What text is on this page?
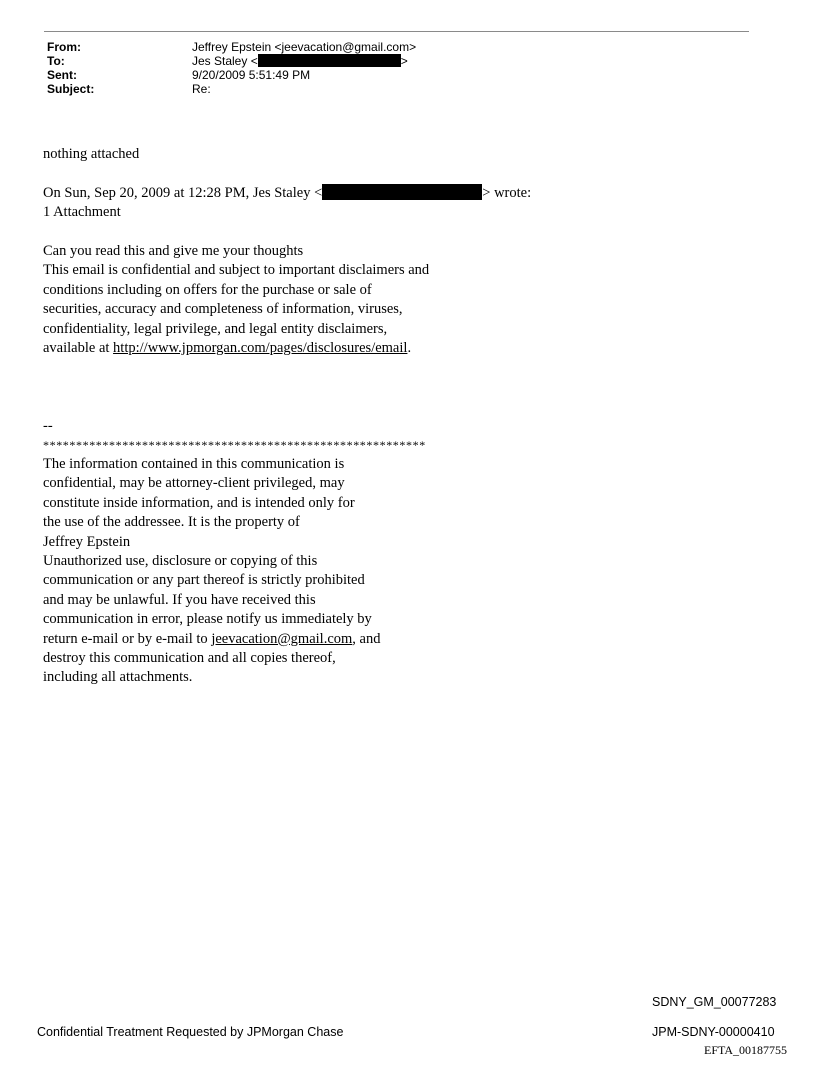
From:	Jeffrey Epstein <jeevacation@gmail.com>
To:	Jes Staley <	>
Sent:	9/20/2009 5:51:49 PM
Subject:	Re:
nothing attached
On Sun, Sep 20, 2009 at 12:28 PM, Jes Staley <	> wrote:
1 Attachment
Can you read this and give me your thoughts
This email is confidential and subject to important disclaimers and
conditions including on offers for the purchase or sale of
securities, accuracy and completeness of information, viruses,
confidentiality, legal privilege, and legal entity disclaimers,
available at http://www.jpmorgan.com/pages/disclosures/email.
--
**********************************************************
The information contained in this communication is
confidential, may be attorney-client privileged, may
constitute inside information, and is intended only for
the use of the addressee. It is the property of
Jeffrey Epstein
Unauthorized use, disclosure or copying of this
communication or any part thereof is strictly prohibited
and may be unlawful. If you have received this
communication in error, please notify us immediately by
return e-mail or by e-mail to jeevacation@gmail.com, and
destroy this communication and all copies thereof,
including all attachments.
SDNY_GM_00077283
Confidential Treatment Requested by JPMorgan Chase	JPM-SDNY-00000410
EFTA_00187755
